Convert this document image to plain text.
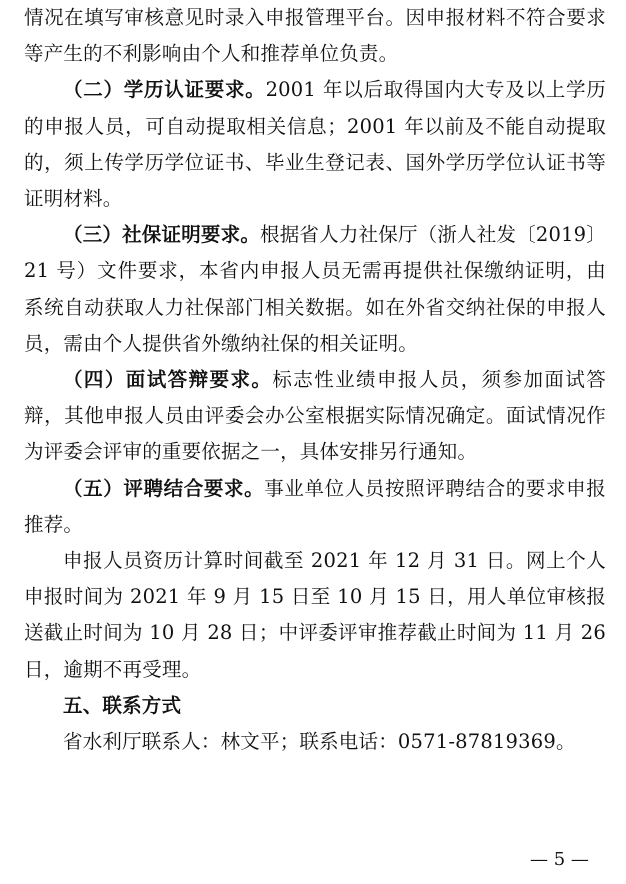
情况在填写审核意见时录入申报管理平台。因申报材料不符合要求等产生的不利影响由个人和推荐单位负责。

（二）学历认证要求。2001 年以后取得国内大专及以上学历的申报人员，可自动提取相关信息；2001 年以前及不能自动提取的，须上传学历学位证书、毕业生登记表、国外学历学位认证书等证明材料。

（三）社保证明要求。根据省人力社保厅（浙人社发〔2019〕21 号）文件要求，本省内申报人员无需再提供社保缴纳证明，由系统自动获取人力社保部门相关数据。如在外省交纳社保的申报人员，需由个人提供省外缴纳社保的相关证明。

（四）面试答辩要求。标志性业绩申报人员，须参加面试答辩，其他申报人员由评委会办公室根据实际情况确定。面试情况作为评委会评审的重要依据之一，具体安排另行通知。

（五）评聘结合要求。事业单位人员按照评聘结合的要求申报推荐。

申报人员资历计算时间截至 2021 年 12 月 31 日。网上个人申报时间为 2021 年 9 月 15 日至 10 月 15 日，用人单位审核报送截止时间为 10 月 28 日；中评委评审推荐截止时间为 11 月 26 日，逾期不再受理。

五、联系方式

省水利厅联系人：林文平；联系电话：0571-87819369。

— 5 —
